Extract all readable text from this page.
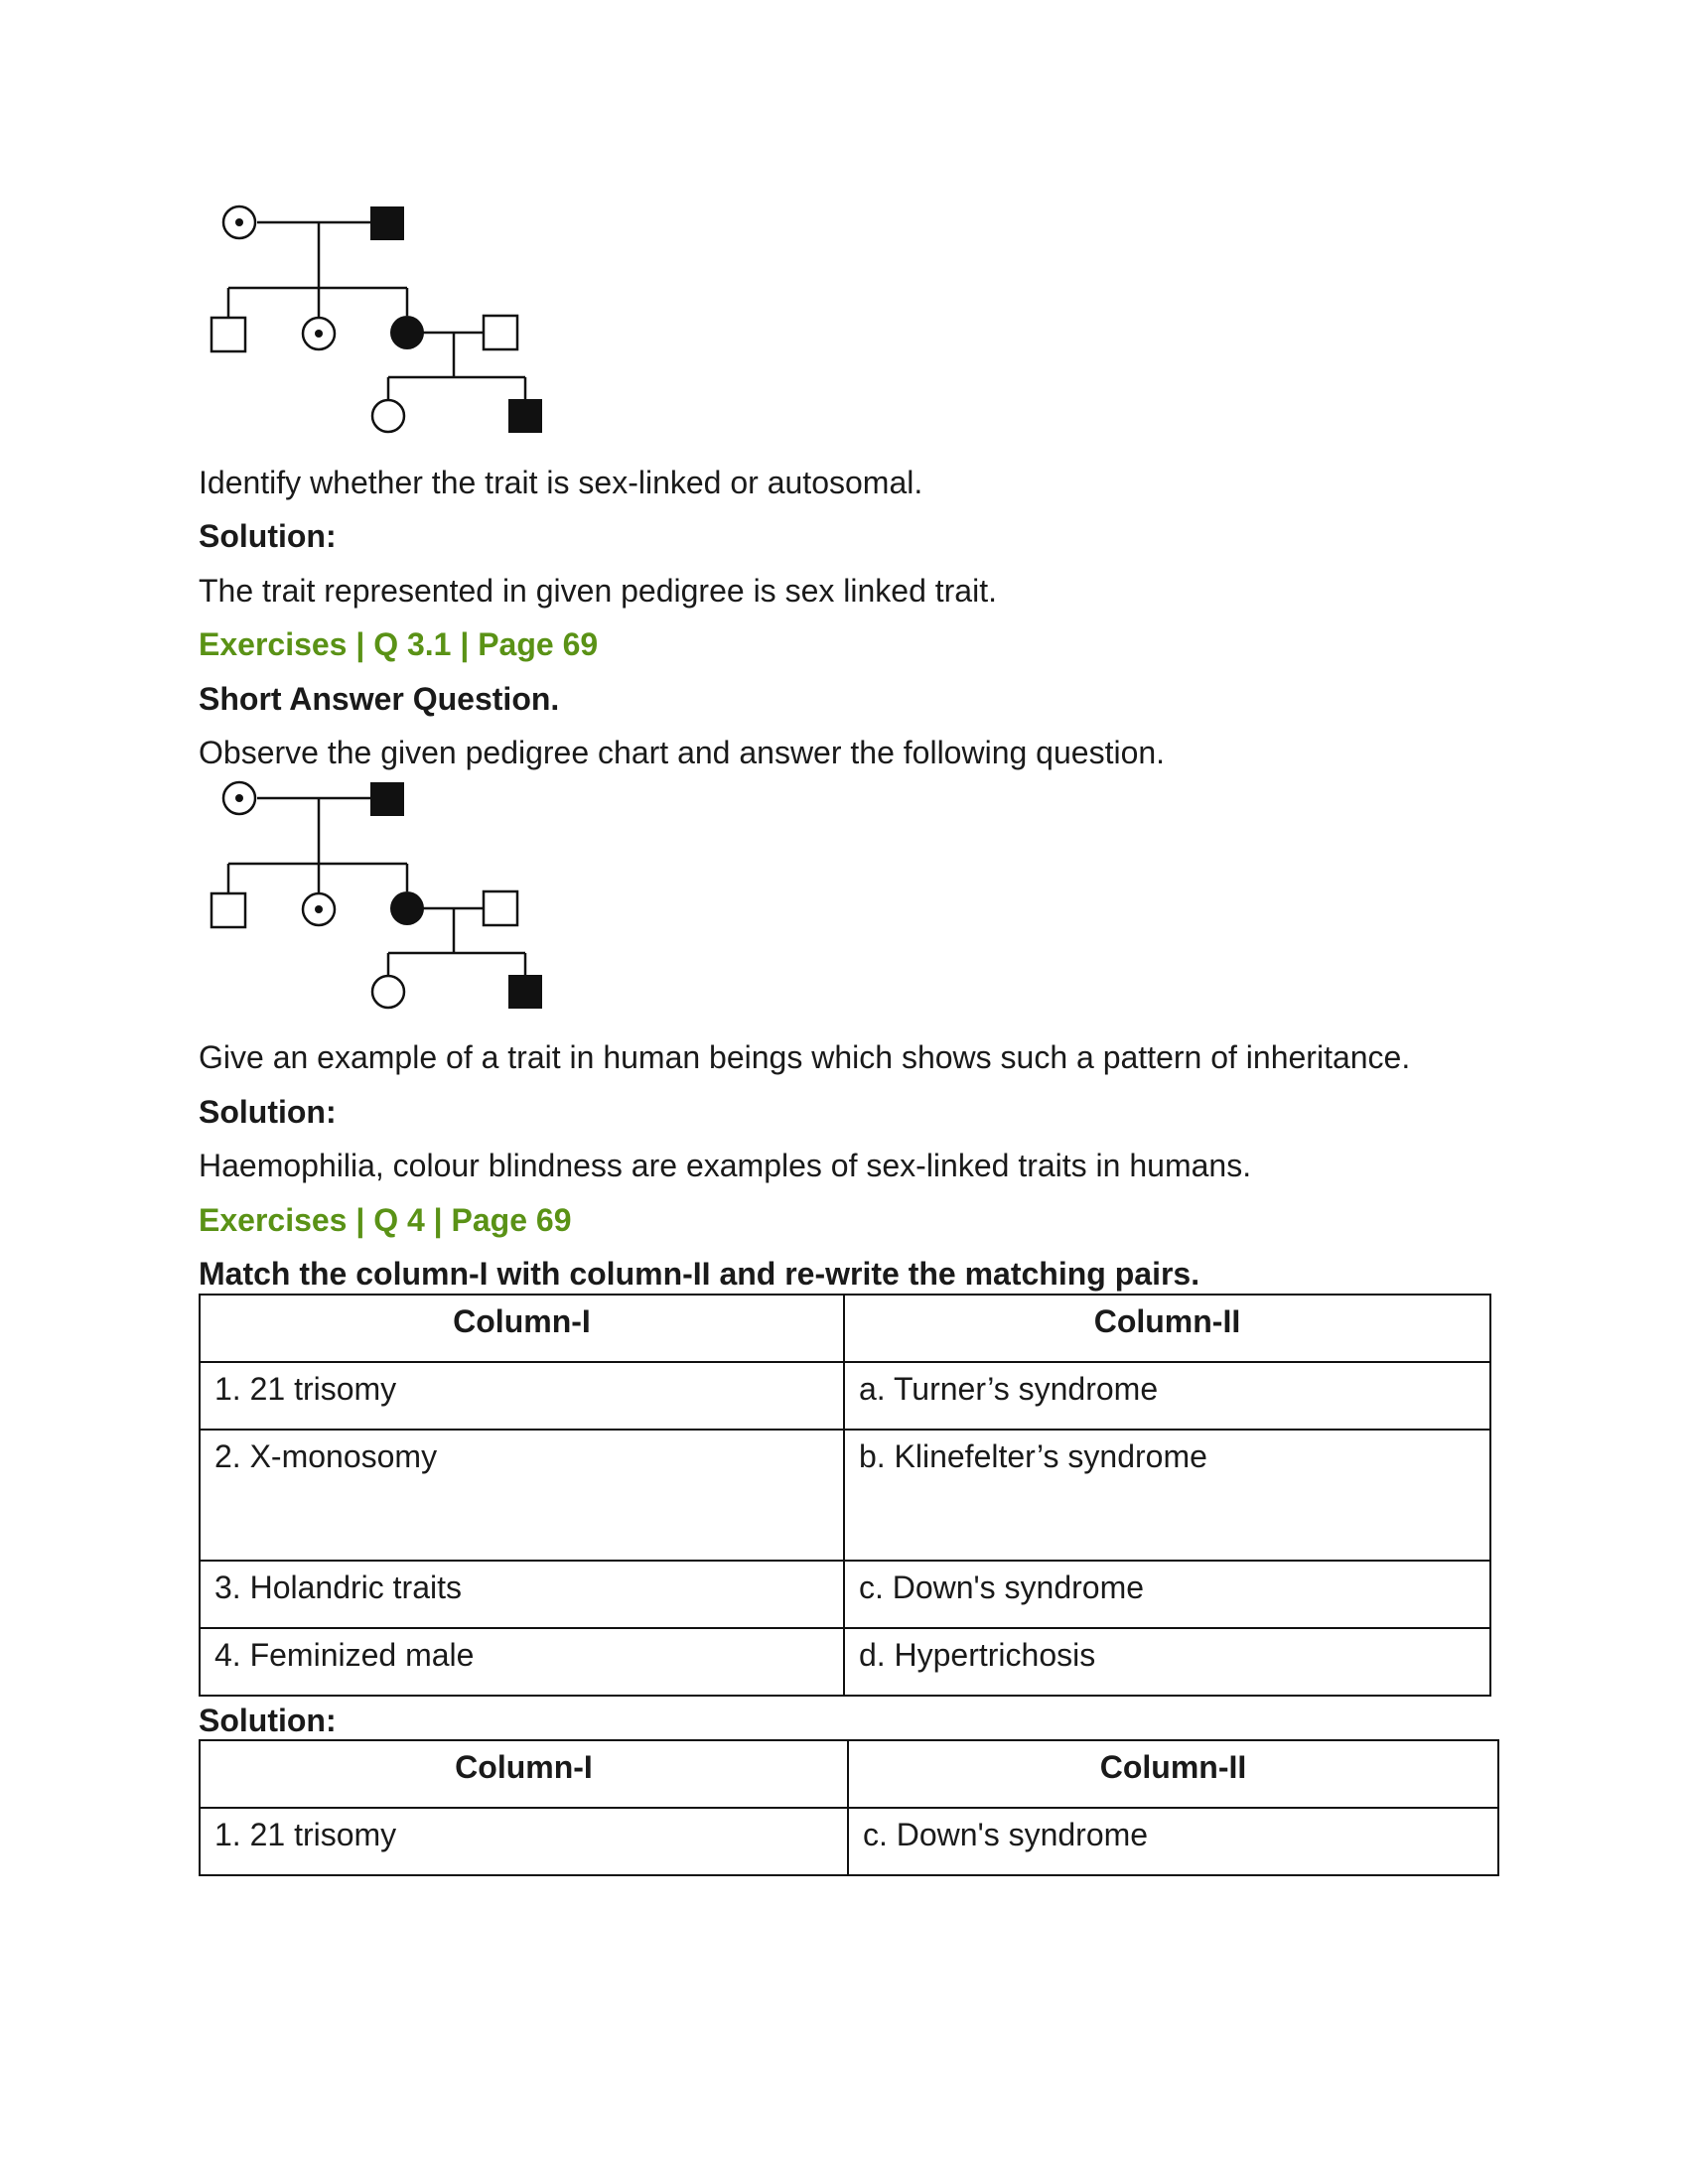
Identify whether the trait is sex-linked or autosomal.
Solution:
The trait represented in given pedigree is sex linked trait.
Exercises | Q 3.1 | Page 69
Short Answer Question.
Observe the given pedigree chart and answer the following question.
Give an example of a trait in human beings which shows such a pattern of inheritance.
Solution:
Haemophilia, colour blindness are examples of sex-linked traits in humans.
Exercises | Q 4 | Page 69
Match the column-I with column-II and re-write the matching pairs.
Column-I	Column-II
1. 21 trisomy	a. Turner’s syndrome
2. X-monosomy	b. Klinefelter’s syndrome
3. Holandric traits	c. Down's syndrome
4. Feminized male	d. Hypertrichosis
Solution:
Column-I	Column-II
1. 21 trisomy	c. Down's syndrome
